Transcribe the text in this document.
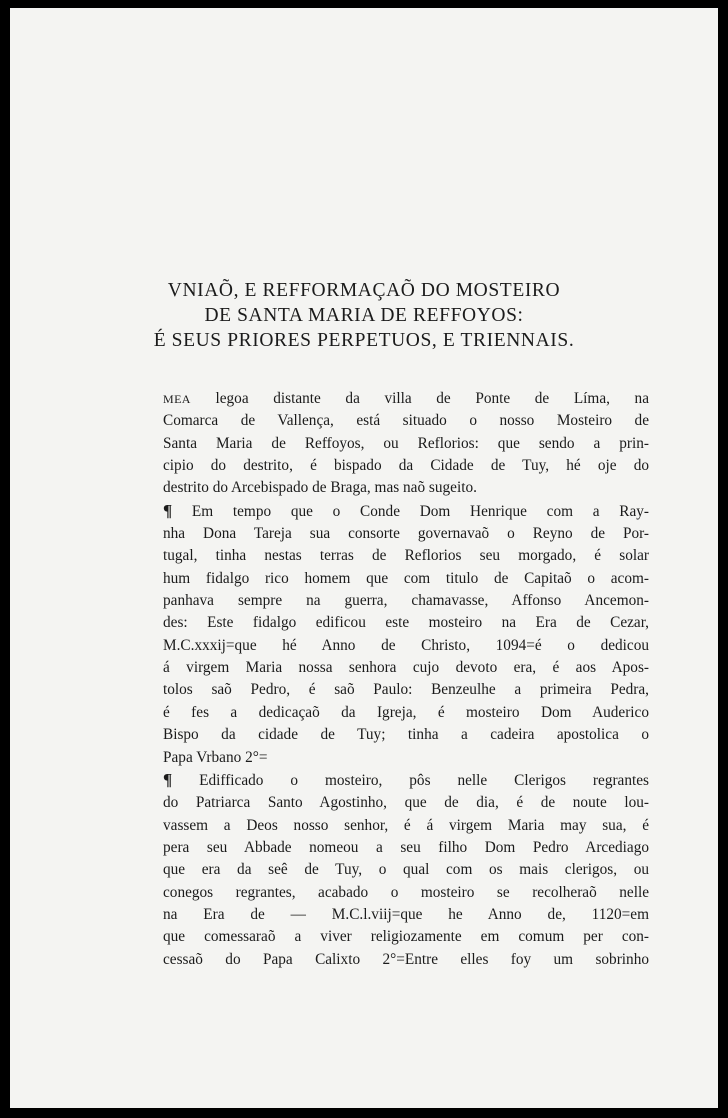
VNIAÕ, E REFFORMAÇAÕ DO MOSTEIRO
DE SANTA MARIA DE REFFOYOS:
É SEUS PRIORES PERPETUOS, E TRIENNAIS.
MEA legoa distante da villa de Ponte de Líma, na
Comarca de Vallença, está situado o nosso Mosteiro de
Santa Maria de Reffoyos, ou Reflorios: que sendo a prin-
cipio do destrito, é bispado da Cidade de Tuy, hé oje do
destrito do Arcebispado de Braga, mas naõ sugeito.
¶ Em tempo que o Conde Dom Henrique com a Ray-
nha Dona Tareja sua consorte governavaõ o Reyno de Por-
tugal, tinha nestas terras de Reflorios seu morgado, é solar
hum fidalgo rico homem que com titulo de Capitaõ o acom-
panhava sempre na guerra, chamavasse, Affonso Ancemon-
des: Este fidalgo edificou este mosteiro na Era de Cezar,
M.C.xxxij=que hé Anno de Christo, 1094=é o dedicou
á virgem Maria nossa senhora cujo devoto era, é aos Apos-
tolos saõ Pedro, é saõ Paulo: Benzeulhe a primeira Pedra,
é fes a dedicaçaõ da Igreja, é mosteiro Dom Auderico
Bispo da cidade de Tuy; tinha a cadeira apostolica o
Papa Vrbano 2°=
¶ Edifficado o mosteiro, pôs nelle Clerigos regrantes
do Patriarca Santo Agostinho, que de dia, é de noute lou-
vassem a Deos nosso senhor, é á virgem Maria may sua, é
pera seu Abbade nomeou a seu filho Dom Pedro Arcediago
que era da seê de Tuy, o qual com os mais clerigos, ou
conegos regrantes, acabado o mosteiro se recolheraõ nelle
na Era de — M.C.l.viij=que he Anno de, 1120=em
que comessaraõ a viver religiozamente em comum per con-
cessaõ do Papa Calixto 2°=Entre elles foy um sobrinho
